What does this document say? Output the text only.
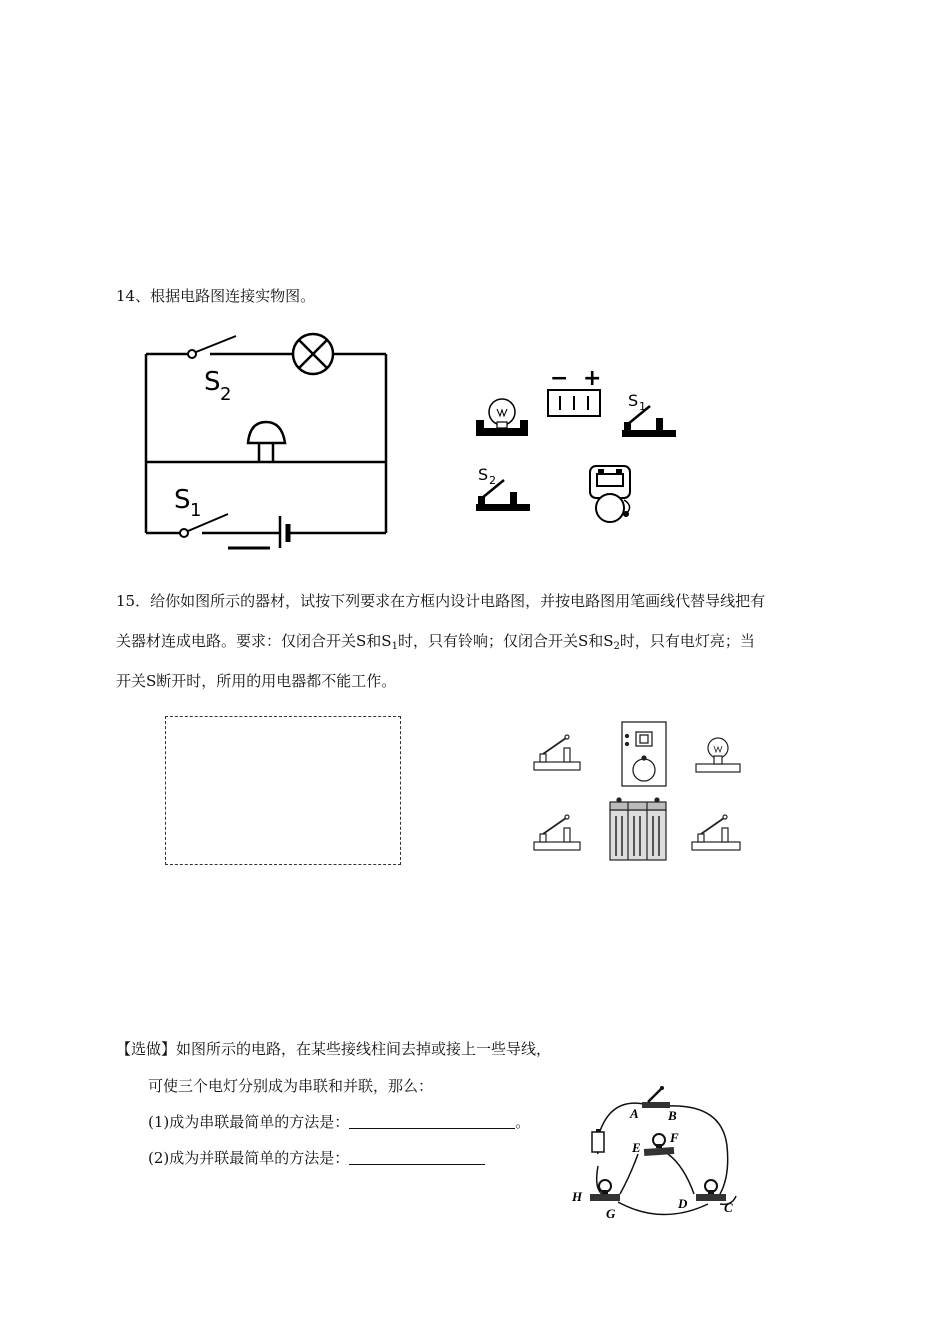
14、根据电路图连接实物图。
S 2
S 1
− +
S 1
S 2
15．给你如图所示的器材，试按下列要求在方框内设计电路图，并按电路图用笔画线代替导线把有
关器材连成电路。要求：仅闭合开关S和$S_1$时，只有铃响；仅闭合开关S和$S_2$时，只有电灯亮；当
开关S断开时，所用的用电器都不能工作。
【选做】如图所示的电路，在某些接线柱间去掉或接上一些导线，
可使三个电灯分别成为串联和并联，那么：
(1)成为串联最简单的方法是：	。
(2)成为并联最简单的方法是：
A B
E
F
H
G
D	C
